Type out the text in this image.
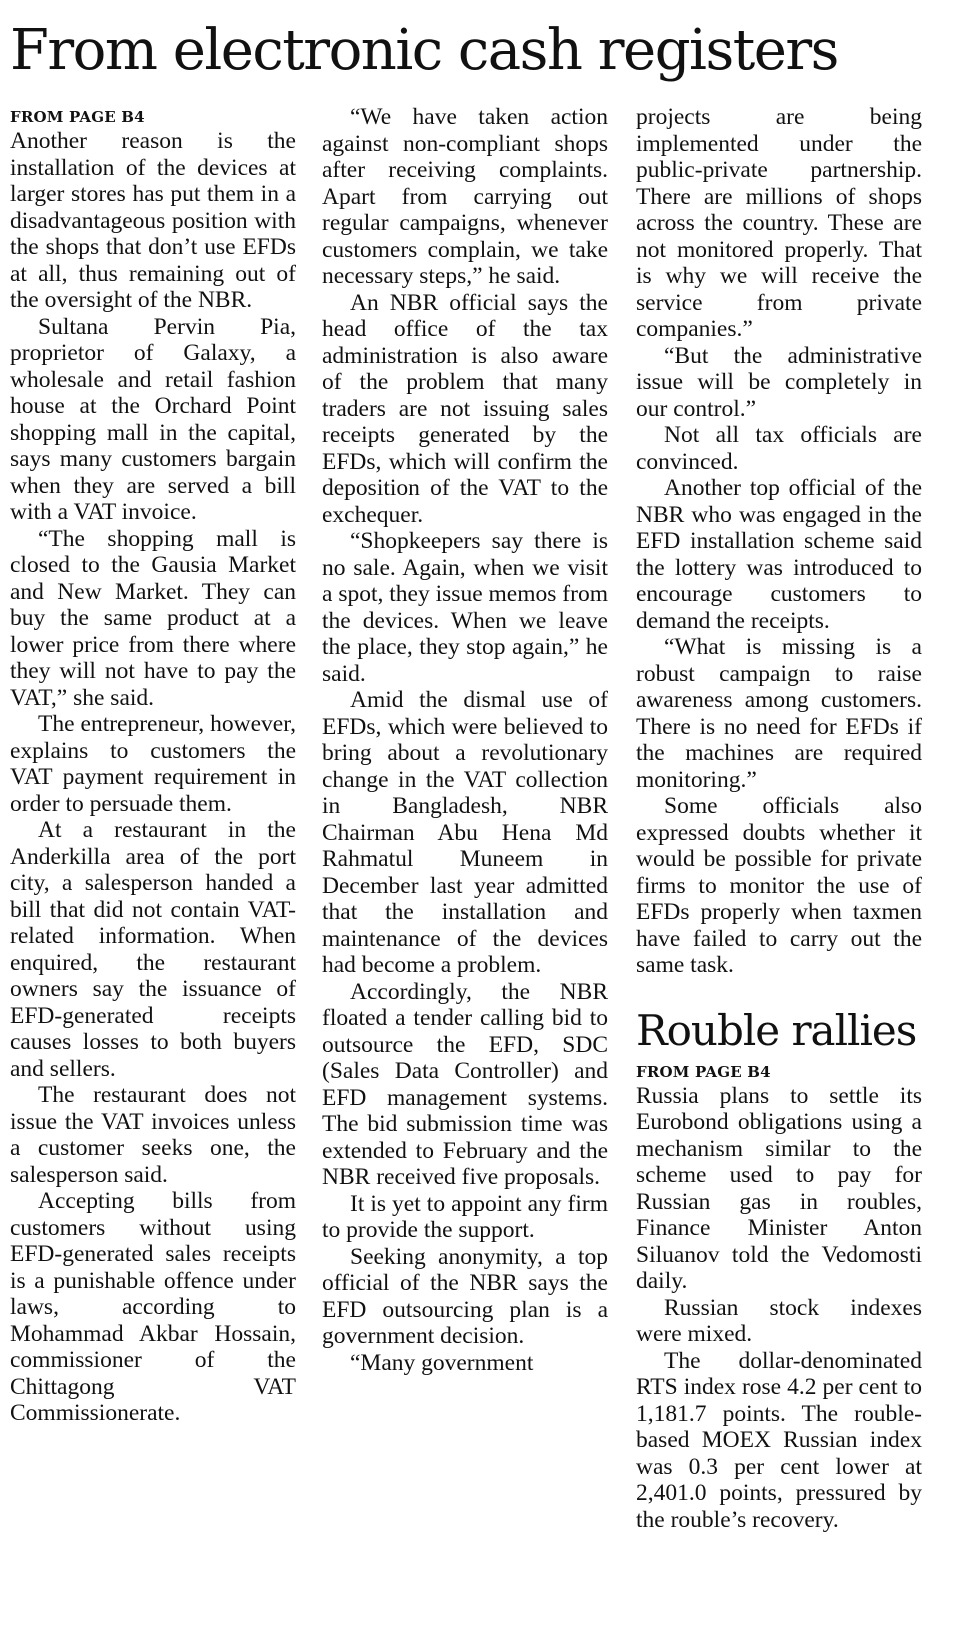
From electronic cash registers
FROM PAGE B4

Another reason is the installation of the devices at larger stores has put them in a disadvantageous position with the shops that don’t use EFDs at all, thus remaining out of the oversight of the NBR.

Sultana Pervin Pia, proprietor of Galaxy, a wholesale and retail fashion house at the Orchard Point shopping mall in the capital, says many customers bargain when they are served a bill with a VAT invoice.

“The shopping mall is closed to the Gausia Market and New Market. They can buy the same product at a lower price from there where they will not have to pay the VAT,” she said.

The entrepreneur, however, explains to customers the VAT payment requirement in order to persuade them.

At a restaurant in the Anderkilla area of the port city, a salesperson handed a bill that did not contain VAT-related information. When enquired, the restaurant owners say the issuance of EFD-generated receipts causes losses to both buyers and sellers.

The restaurant does not issue the VAT invoices unless a customer seeks one, the salesperson said.

Accepting bills from customers without using EFD-generated sales receipts is a punishable offence under laws, according to Mohammad Akbar Hossain, commissioner of the Chittagong VAT Commissionerate.

“We have taken action against non-compliant shops after receiving complaints. Apart from carrying out regular campaigns, whenever customers complain, we take necessary steps,” he said.

An NBR official says the head office of the tax administration is also aware of the problem that many traders are not issuing sales receipts generated by the EFDs, which will confirm the deposition of the VAT to the exchequer.

“Shopkeepers say there is no sale. Again, when we visit a spot, they issue memos from the devices. When we leave the place, they stop again,” he said.

Amid the dismal use of EFDs, which were believed to bring about a revolutionary change in the VAT collection in Bangladesh, NBR Chairman Abu Hena Md Rahmatul Muneem in December last year admitted that the installation and maintenance of the devices had become a problem.

Accordingly, the NBR floated a tender calling bid to outsource the EFD, SDC (Sales Data Controller) and EFD management systems. The bid submission time was extended to February and the NBR received five proposals.

It is yet to appoint any firm to provide the support.

Seeking anonymity, a top official of the NBR says the EFD outsourcing plan is a government decision.

“Many government

projects are being implemented under the public-private partnership. There are millions of shops across the country. These are not monitored properly. That is why we will receive the service from private companies.”

“But the administrative issue will be completely in our control.”

Not all tax officials are convinced.

Another top official of the NBR who was engaged in the EFD installation scheme said the lottery was introduced to encourage customers to demand the receipts.

“What is missing is a robust campaign to raise awareness among customers. There is no need for EFDs if the machines are required monitoring.”

Some officials also expressed doubts whether it would be possible for private firms to monitor the use of EFDs properly when taxmen have failed to carry out the same task.

Rouble rallies
FROM PAGE B4

Russia plans to settle its Eurobond obligations using a mechanism similar to the scheme used to pay for Russian gas in roubles, Finance Minister Anton Siluanov told the Vedomosti daily.

Russian stock indexes were mixed.

The dollar-denominated RTS index rose 4.2 per cent to 1,181.7 points. The rouble-based MOEX Russian index was 0.3 per cent lower at 2,401.0 points, pressured by the rouble’s recovery.
